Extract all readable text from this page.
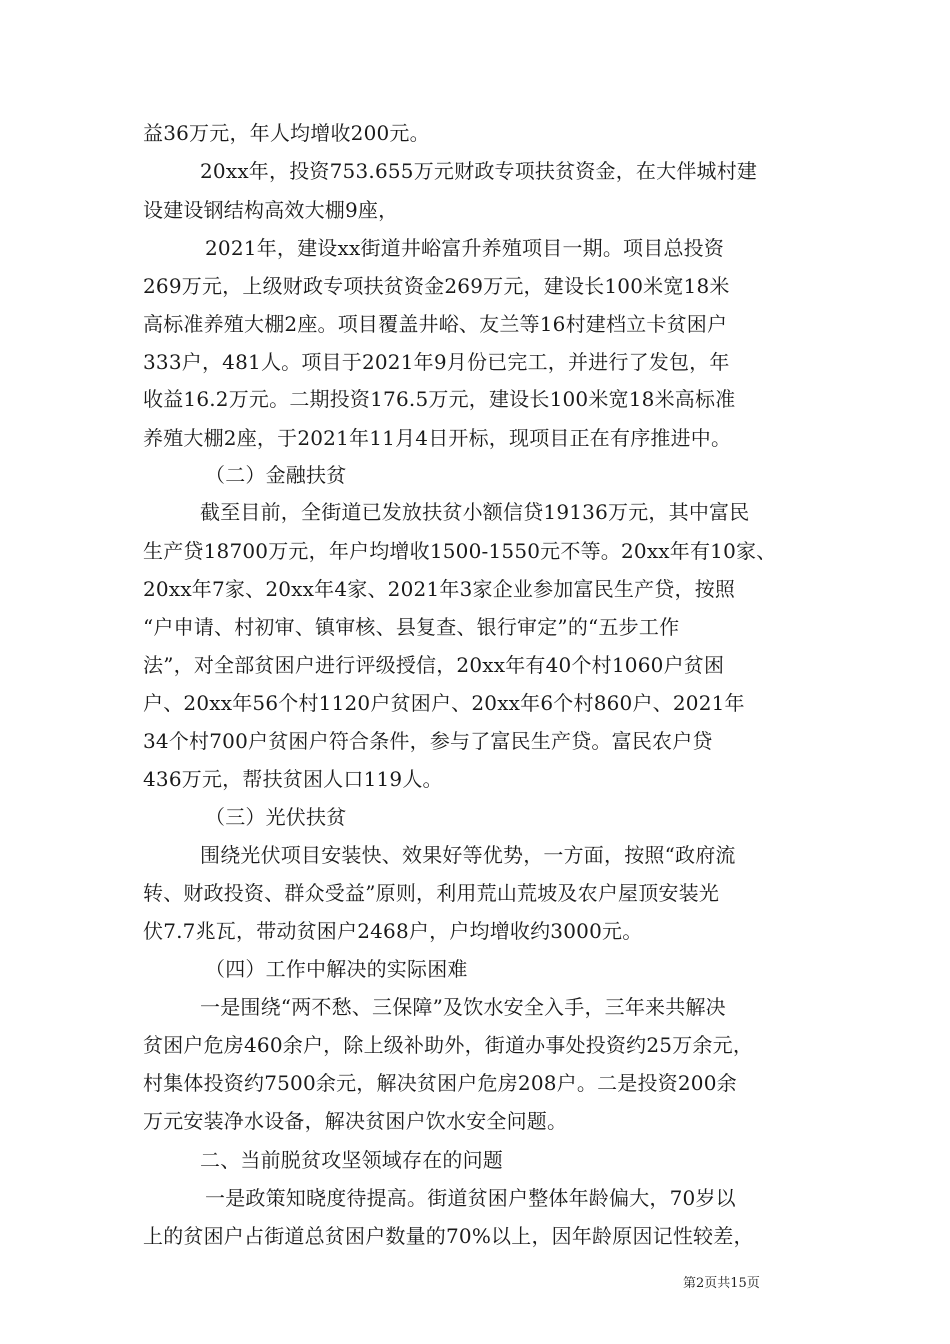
益36万元，年人均增收200元。
20xx年，投资753.655万元财政专项扶贫资金，在大伴城村建
设建设钢结构高效大棚9座，
2021年，建设xx街道井峪富升养殖项目一期。项目总投资
269万元，上级财政专项扶贫资金269万元，建设长100米宽18米
高标准养殖大棚2座。项目覆盖井峪、友兰等16村建档立卡贫困户
333户，481人。项目于2021年9月份已完工，并进行了发包，年
收益16.2万元。二期投资176.5万元，建设长100米宽18米高标准
养殖大棚2座，于2021年11月4日开标，现项目正在有序推进中。
（二）金融扶贫
截至目前，全街道已发放扶贫小额信贷19136万元，其中富民
生产贷18700万元，年户均增收1500-1550元不等。20xx年有10家、
20xx年7家、20xx年4家、2021年3家企业参加富民生产贷，按照
“户申请、村初审、镇审核、县复查、银行审定”的“五步工作
法”，对全部贫困户进行评级授信，20xx年有40个村1060户贫困
户、20xx年56个村1120户贫困户、20xx年6个村860户、2021年
34个村700户贫困户符合条件，参与了富民生产贷。富民农户贷
436万元，帮扶贫困人口119人。
（三）光伏扶贫
围绕光伏项目安装快、效果好等优势，一方面，按照“政府流
转、财政投资、群众受益”原则，利用荒山荒坡及农户屋顶安装光
伏7.7兆瓦，带动贫困户2468户，户均增收约3000元。
（四）工作中解决的实际困难
一是围绕“两不愁、三保障”及饮水安全入手，三年来共解决
贫困户危房460余户，除上级补助外，街道办事处投资约25万余元，
村集体投资约7500余元，解决贫困户危房208户。二是投资200余
万元安装净水设备，解决贫困户饮水安全问题。
二、当前脱贫攻坚领域存在的问题
一是政策知晓度待提高。街道贫困户整体年龄偏大，70岁以
上的贫困户占街道总贫困户数量的70%以上，因年龄原因记性较差，
第2页共15页
